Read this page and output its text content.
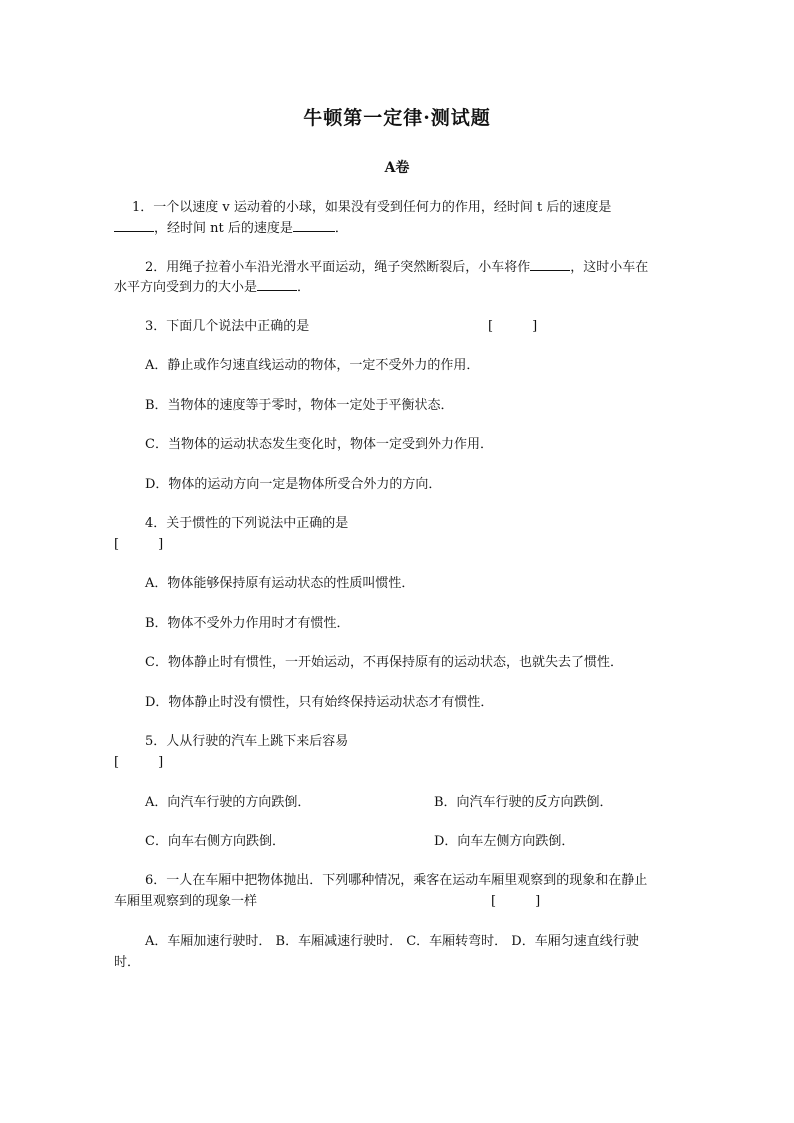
牛顿第一定律·测试题
A卷
1．一个以速度 v 运动着的小球，如果没有受到任何力的作用，经时间 t 后的速度是
，经时间 nt 后的速度是	．
2．用绳子拉着小车沿光滑水平面运动，绳子突然断裂后，小车将作	，这时小车在
水平方向受到力的大小是	．
3．下面几个说法中正确的是	[　　　]
A．静止或作匀速直线运动的物体，一定不受外力的作用．
B．当物体的速度等于零时，物体一定处于平衡状态．
C．当物体的运动状态发生变化时，物体一定受到外力作用．
D．物体的运动方向一定是物体所受合外力的方向．
4．关于惯性的下列说法中正确的是
[　　　]
A．物体能够保持原有运动状态的性质叫惯性．
B．物体不受外力作用时才有惯性．
C．物体静止时有惯性，一开始运动，不再保持原有的运动状态，也就失去了惯性．
D．物体静止时没有惯性，只有始终保持运动状态才有惯性．
5．人从行驶的汽车上跳下来后容易
[　　　]
A．向汽车行驶的方向跌倒．	B．向汽车行驶的反方向跌倒．
C．向车右侧方向跌倒．	D．向车左侧方向跌倒．
6．一人在车厢中把物体抛出．下列哪种情况，乘客在运动车厢里观察到的现象和在静止
车厢里观察到的现象一样	[　　　]
A．车厢加速行驶时． B．车厢减速行驶时． C．车厢转弯时． D．车厢匀速直线行驶
时．
